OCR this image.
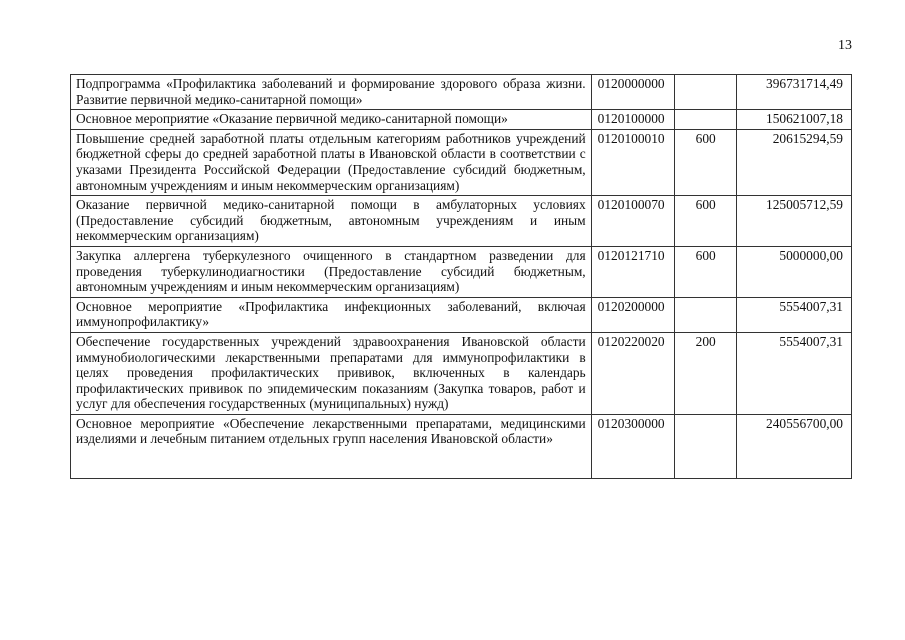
13
Подпрограмма «Профилактика заболеваний и формирование здорового образа жизни. Развитие первичной медико-санитарной помощи»	0120000000		396731714,49
Основное мероприятие «Оказание первичной медико-санитарной помощи»	0120100000		150621007,18
Повышение средней заработной платы отдельным категориям работников учреждений бюджетной сферы до средней заработной платы в Ивановской области в соответствии с указами Президента Российской Федерации (Предоставление субсидий бюджетным, автономным учреждениям и иным некоммерческим организациям)	0120100010	600	20615294,59
Оказание первичной медико-санитарной помощи в амбулаторных условиях (Предоставление субсидий бюджетным, автономным учреждениям и иным некоммерческим организациям)	0120100070	600	125005712,59
Закупка аллергена туберкулезного очищенного в стандартном разведении для проведения туберкулинодиагностики (Предоставление субсидий бюджетным, автономным учреждениям и иным некоммерческим организациям)	0120121710	600	5000000,00
Основное мероприятие «Профилактика инфекционных заболеваний, включая иммунопрофилактику»	0120200000		5554007,31
Обеспечение государственных учреждений здравоохранения Ивановской области иммунобиологическими лекарственными препаратами для иммунопрофилактики в целях проведения профилактических прививок, включенных в календарь профилактических прививок по эпидемическим показаниям (Закупка товаров, работ и услуг для обеспечения государственных (муниципальных) нужд)	0120220020	200	5554007,31
Основное мероприятие «Обеспечение лекарственными препаратами, медицинскими изделиями и лечебным питанием отдельных групп населения Ивановской области»	0120300000		240556700,00
